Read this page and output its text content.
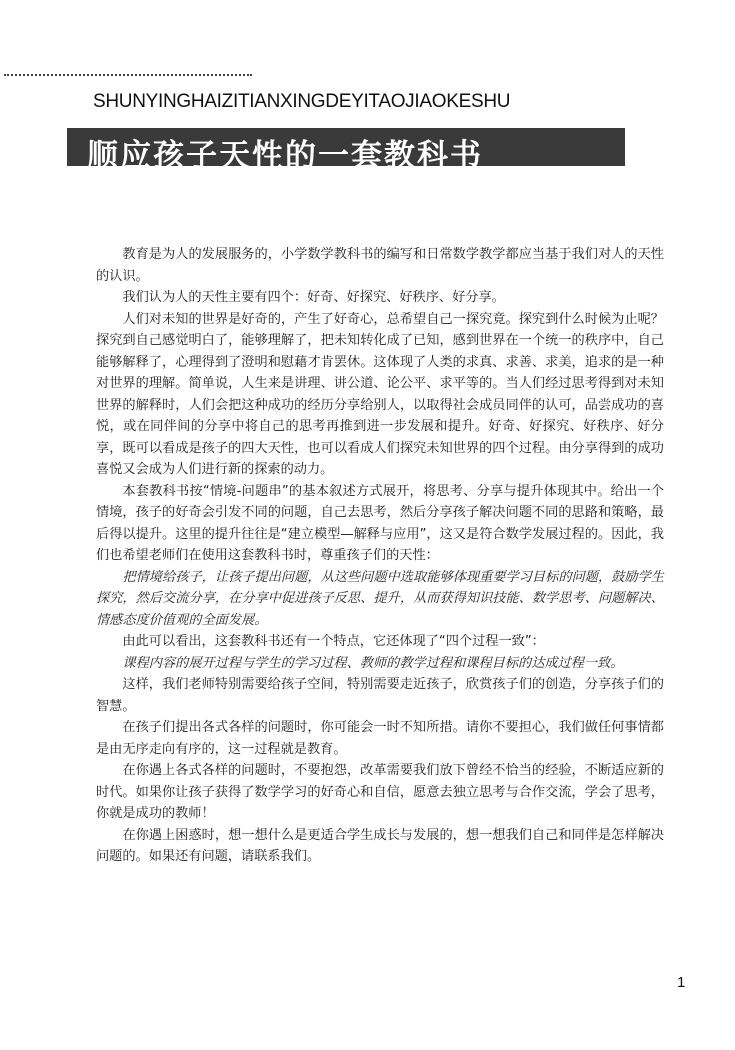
SHUNYINGHAIZITIANXINGDEYITAOJIAOKESHU
顺应孩子天性的一套教科书

教育是为人的发展服务的，小学数学教科书的编写和日常数学教学都应当基于我们对人的天性的认识。

我们认为人的天性主要有四个：好奇、好探究、好秩序、好分享。

人们对未知的世界是好奇的，产生了好奇心，总希望自己一探究竟。探究到什么时候为止呢？探究到自己感觉明白了，能够理解了，把未知转化成了已知，感到世界在一个统一的秩序中，自己能够解释了，心理得到了澄明和慰藉才肯罢休。这体现了人类的求真、求善、求美，追求的是一种对世界的理解。简单说，人生来是讲理、讲公道、论公平、求平等的。当人们经过思考得到对未知世界的解释时，人们会把这种成功的经历分享给别人，以取得社会成员同伴的认可，品尝成功的喜悦，或在同伴间的分享中将自己的思考再推到进一步发展和提升。好奇、好探究、好秩序、好分享，既可以看成是孩子的四大天性，也可以看成人们探究未知世界的四个过程。由分享得到的成功喜悦又会成为人们进行新的探索的动力。

本套教科书按“情境-问题串”的基本叙述方式展开，将思考、分享与提升体现其中。给出一个情境，孩子的好奇会引发不同的问题，自己去思考，然后分享孩子解决问题不同的思路和策略，最后得以提升。这里的提升往往是“建立模型—解释与应用”，这又是符合数学发展过程的。因此，我们也希望老师们在使用这套教科书时，尊重孩子们的天性：

把情境给孩子，让孩子提出问题，从这些问题中选取能够体现重要学习目标的问题，鼓励学生探究，然后交流分享，在分享中促进孩子反思、提升，从而获得知识技能、数学思考、问题解决、情感态度价值观的全面发展。

由此可以看出，这套教科书还有一个特点，它还体现了“四个过程一致”：

课程内容的展开过程与学生的学习过程、教师的教学过程和课程目标的达成过程一致。

这样，我们老师特别需要给孩子空间，特别需要走近孩子，欣赏孩子们的创造，分享孩子们的智慧。

在孩子们提出各式各样的问题时，你可能会一时不知所措。请你不要担心，我们做任何事情都是由无序走向有序的，这一过程就是教育。

在你遇上各式各样的问题时，不要抱怨，改革需要我们放下曾经不恰当的经验，不断适应新的时代。如果你让孩子获得了数学学习的好奇心和自信，愿意去独立思考与合作交流，学会了思考，你就是成功的教师！

在你遇上困惑时，想一想什么是更适合学生成长与发展的，想一想我们自己和同伴是怎样解决问题的。如果还有问题，请联系我们。

1
